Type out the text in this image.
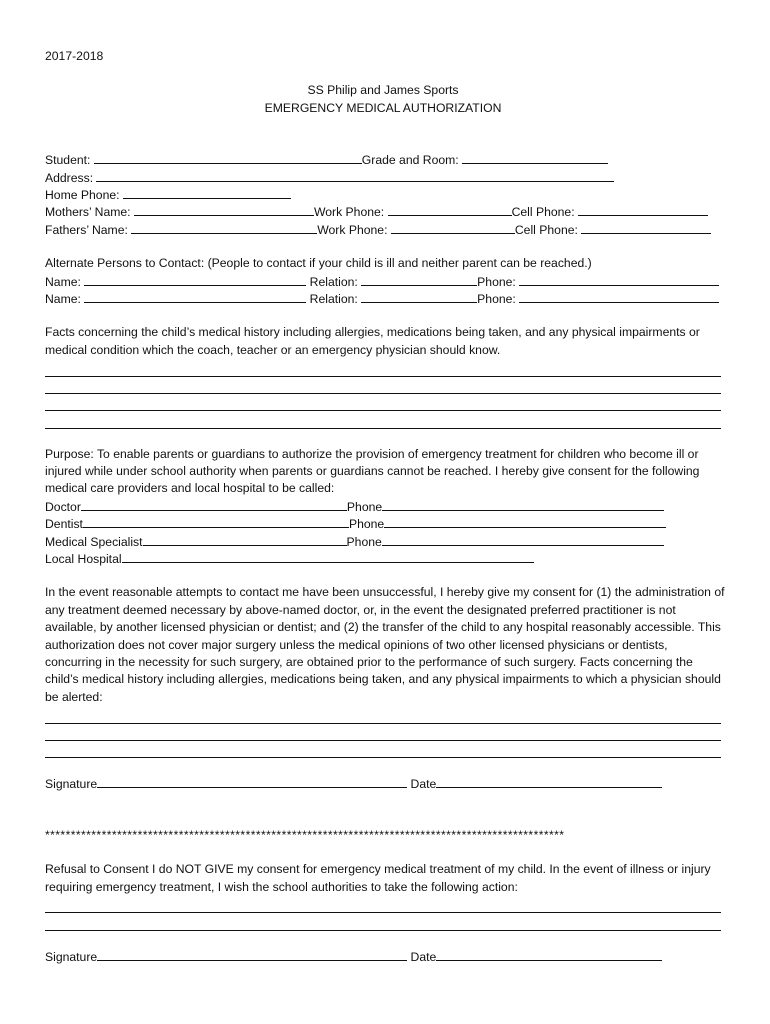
2017-2018
SS Philip and James Sports
EMERGENCY MEDICAL AUTHORIZATION
Student:	Grade and Room:
Address:
Home Phone:
Mothers’ Name:	Work Phone:	Cell Phone:
Fathers’ Name:	Work Phone:	Cell Phone:
Alternate Persons to Contact: (People to contact if your child is ill and neither parent can be reached.)
Name:	Relation:	Phone:
Name:	Relation:	Phone:
Facts concerning the child’s medical history including allergies, medications being taken, and any physical impairments or medical condition which the coach, teacher or an emergency physician should know.
Purpose: To enable parents or guardians to authorize the provision of emergency treatment for children who become ill or injured while under school authority when parents or guardians cannot be reached. I hereby give consent for the following medical care providers and local hospital to be called:
Doctor	Phone
Dentist	Phone
Medical Specialist	Phone
Local Hospital
In the event reasonable attempts to contact me have been unsuccessful, I hereby give my consent for (1) the administration of any treatment deemed necessary by above-named doctor, or, in the event the designated preferred practitioner is not available, by another licensed physician or dentist; and (2) the transfer of the child to any hospital reasonably accessible. This authorization does not cover major surgery unless the medical opinions of two other licensed physicians or dentists, concurring in the necessity for such surgery, are obtained prior to the performance of such surgery. Facts concerning the child’s medical history including allergies, medications being taken, and any physical impairments to which a physician should be alerted:
Signature	Date
*****************************************************************************************************
Refusal to Consent I do NOT GIVE my consent for emergency medical treatment of my child. In the event of illness or injury requiring emergency treatment, I wish the school authorities to take the following action:
Signature	Date
